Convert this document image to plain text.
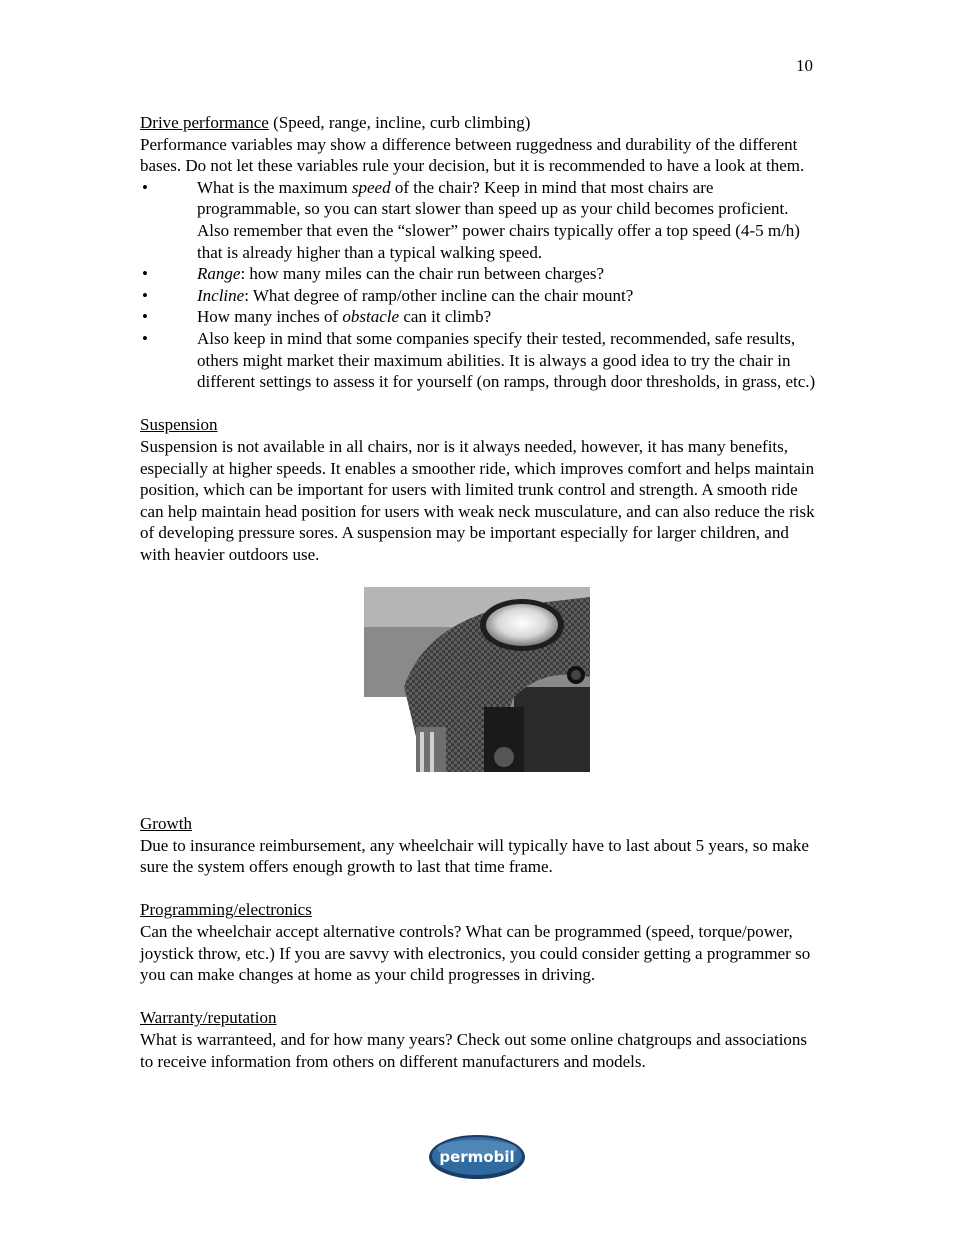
10

Drive performance (Speed, range, incline, curb climbing)

Performance variables may show a difference between ruggedness and durability of the different bases. Do not let these variables rule your decision, but it is recommended to have a look at them.

•	What is the maximum speed of the chair? Keep in mind that most chairs are programmable, so you can start slower than speed up as your child becomes proficient. Also remember that even the “slower” power chairs typically offer a top speed (4-5 m/h) that is already higher than a typical walking speed.
•	Range: how many miles can the chair run between charges?
•	Incline: What degree of ramp/other incline can the chair mount?
•	How many inches of obstacle can it climb?
•	Also keep in mind that some companies specify their tested, recommended, safe results, others might market their maximum abilities. It is always a good idea to try the chair in different settings to assess it for yourself (on ramps, through door thresholds, in grass, etc.)

Suspension

Suspension is not available in all chairs, nor is it always needed, however, it has many benefits, especially at higher speeds. It enables a smoother ride, which improves comfort and helps maintain position, which can be important for users with limited trunk control and strength. A smooth ride can help maintain head position for users with weak neck musculature, and can also reduce the risk of developing pressure sores. A suspension may be important especially for larger children, and with heavier outdoors use.

Growth

Due to insurance reimbursement, any wheelchair will typically have to last about 5 years, so make sure the system offers enough growth to last that time frame.

Programming/electronics

Can the wheelchair accept alternative controls? What can be programmed (speed, torque/power, joystick throw, etc.) If you are savvy with electronics, you could consider getting a programmer so you can make changes at home as your child progresses in driving.

Warranty/reputation

What is warranteed, and for how many years? Check out some online chatgroups and associations to receive information from others on different manufacturers and models.

permobil
